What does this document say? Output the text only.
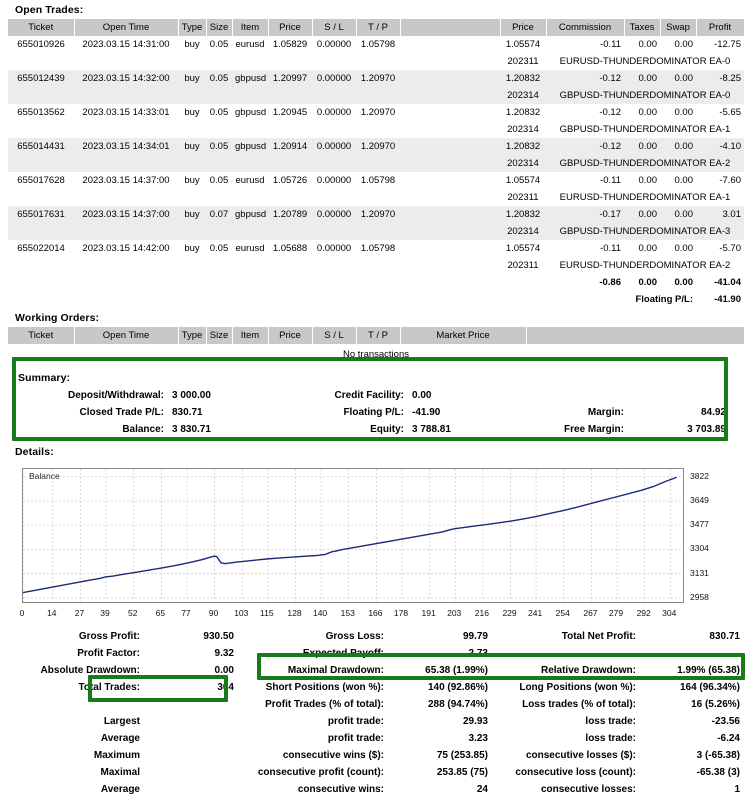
Open Trades:
Ticket	Open Time	Type	Size	Item	Price	S / L	T / P		Price	Commission	Taxes	Swap	Profit
655010926	2023.03.15 14:31:00	buy	0.05	eurusd	1.05829	0.00000	1.05798		1.05574	-0.11	0.00	0.00	-12.75
									202311	EURUSD-THUNDERDOMINATOR EA-0			
655012439	2023.03.15 14:32:00	buy	0.05	gbpusd	1.20997	0.00000	1.20970		1.20832	-0.12	0.00	0.00	-8.25
									202314	GBPUSD-THUNDERDOMINATOR EA-0			
655013562	2023.03.15 14:33:01	buy	0.05	gbpusd	1.20945	0.00000	1.20970		1.20832	-0.12	0.00	0.00	-5.65
									202314	GBPUSD-THUNDERDOMINATOR EA-1			
655014431	2023.03.15 14:34:01	buy	0.05	gbpusd	1.20914	0.00000	1.20970		1.20832	-0.12	0.00	0.00	-4.10
									202314	GBPUSD-THUNDERDOMINATOR EA-2			
655017628	2023.03.15 14:37:00	buy	0.05	eurusd	1.05726	0.00000	1.05798		1.05574	-0.11	0.00	0.00	-7.60
									202311	EURUSD-THUNDERDOMINATOR EA-1			
655017631	2023.03.15 14:37:00	buy	0.07	gbpusd	1.20789	0.00000	1.20970		1.20832	-0.17	0.00	0.00	3.01
									202314	GBPUSD-THUNDERDOMINATOR EA-3			
655022014	2023.03.15 14:42:00	buy	0.05	eurusd	1.05688	0.00000	1.05798		1.05574	-0.11	0.00	0.00	-5.70
									202311	EURUSD-THUNDERDOMINATOR EA-2			
										-0.86	0.00	0.00	-41.04
									Floating P/L:				-41.90
Working Orders:
Ticket	Open Time	Type	Size	Item	Price	S / L	T / P	Market Price	
No transactions
Summary:
Deposit/Withdrawal:	3 000.00	Credit Facility:	0.00		
Closed Trade P/L:	830.71	Floating P/L:	-41.90	Margin:	84.92
Balance:	3 830.71	Equity:	3 788.81	Free Margin:	3 703.89
Details:
Balance
2958
3131
3304
3477
3649
3822
0	14 27 39 52 65 77 90 103 115 128 140 153 166 178 191 203 216 229 241 254 267 279 292 304
Gross Profit:	930.50	Gross Loss:	99.79	Total Net Profit:	830.71
Profit Factor:	9.32	Expected Payoff:	2.73		
Absolute Drawdown:	0.00	Maximal Drawdown:	65.38 (1.99%)	Relative Drawdown:	1.99% (65.38)
Total Trades:	304	Short Positions (won %):	140 (92.86%)	Long Positions (won %):	164 (96.34%)
		Profit Trades (% of total):	288 (94.74%)	Loss trades (% of total):	16 (5.26%)
Largest		profit trade:	29.93	loss trade:	-23.56
Average		profit trade:	3.23	loss trade:	-6.24
Maximum		consecutive wins ($):	75 (253.85)	consecutive losses ($):	3 (-65.38)
Maximal		consecutive profit (count):	253.85 (75)	consecutive loss (count):	-65.38 (3)
Average		consecutive wins:	24	consecutive losses:	1
